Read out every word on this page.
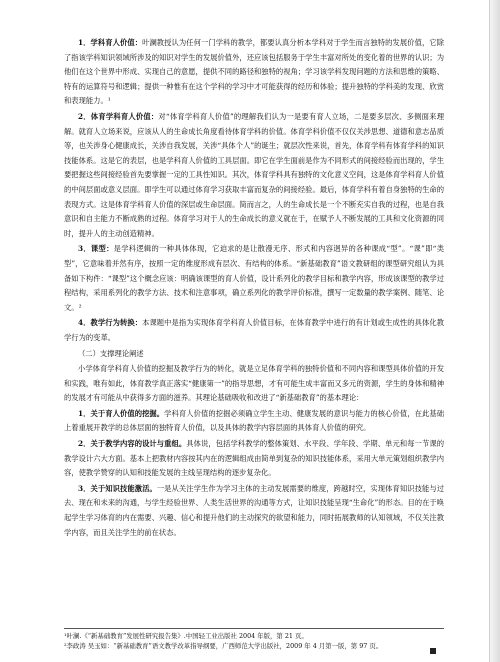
1．学科育人价值：叶澜教授认为任何一门学科的教学，都要认真分析本学科对于学生而言独特的发展价值，它除了指该学科知识领域所涉及的知识对学生的发展价值外，还应该包括服务于学生丰富对所处的变化着的世界的认识；为他们在这个世界中形成、实现自己的意愿，提供不同的路径和独特的视角；学习该学科发现问题的方法和思维的策略、特有的运算符号和逻辑；提供一种惟有在这个学科的学习中才可能获得的经历和体验；提升独特的学科美的发现、欣赏和表现能力。¹

2．体育学科育人价值：对“体育学科育人价值”的理解我们认为一是要有育人立场，二是要多层次、多侧面来理解。就育人立场来说，应该从人的生命成长角度看待体育学科的价值。体育学科价值不仅仅关涉思想、道德和意志品质等，也关涉身心健康成长，关涉自我发展，关涉“具体个人”的诞生；就层次性来说，首先，体育学科有体育学科的知识技能体系。这是它的表层，也是学科育人价值的工具层面。即它在学生面前是作为不同形式的间接经验而出现的，学生要把握这些间接经验首先要掌握一定的工具性知识。其次，体育学科具有独特的文化意义空间，这是体育学科育人价值的中间层面或意义层面。即学生可以通过体育学习获取丰富而复杂的间接经验。最后，体育学科有着自身独特的生命的表现方式。这是体育学科育人价值的深层或生命层面。简而言之，人的生命成长是一个不断充实自我的过程，也是自我意识和自主能力不断成熟的过程。体育学习对于人的生命成长的意义就在于，在赋予人不断发展的工具和文化资源的同时，提升人的主动创造精神。

3．课型：是学科逻辑的一种具体体现，它迫求的是让散漫无序、形式和内容迥异的各种课成“型”。“课”即“类型”，它意味着并然有序，按照一定的维度形成有层次、有结构的体系。“新基础教育”语文教研组的课型研究组认为具备如下构件：“课型”这个概念应该：明确该课型的育人价值，设计系列化的教学目标和教学内容，形成该课型的教学过程结构，采用系列化的教学方法、技术和注意事项，确立系列化的教学评价标准，撰写一定数量的教学案例、随笔、论文。²

4．教学行为转换：本课题中是指为实现体育学科育人价值目标，在体育教学中进行的有计划或生成性的具体化教学行为的变革。

（二）支撑理论阐述

小学体育学科育人价值的挖掘及教学行为的转化，就是立足体育学科的独特价值和不同内容和课型具体价值的开发和实践，唯有如此，体育教学真正落实“健康第一”的指导思想，才有可能生成丰富而又多元的资源，学生的身体和精神的发展才有可能从中获得多方面的滋养。其理论基础吸收和改进了“新基础教育”的基本理论：

1．关于育人价值的挖掘。学科育人价值的挖掘必须确立学生主动、健康发展的意识与能力的核心价值，在此基础上着重展开教学的总体层面的独特育人价值，以及具体的教学内容层面的具体育人价值的研究。

2．关于教学内容的设计与重组。具体说，包括学科教学的整体策划、水平段、学年段、学期、单元和每一节课的教学设计六大方面。基本上把教材内容按其内在的逻辑组成由简单到复杂的知识技能体系，采用大单元策划组织教学内容，使教学赞穿的认知和技能发展的主线呈现结构的逐步复杂化。

3．关于知识技能激活。一是从关注学生作为学习主体的主动发展需要的维度，跨越时空，实现体育知识技能与过去、现在和未来的沟通，与学生经验世界、人类生活世界的沟通等方式，让知识技能呈现“生命化”的形态。目的在于唤起学生学习体育的内在需要、兴趣、信心和提升他们的主动探究的欲望和能力，同时拓展教师的认知领域，不仅关注教学内容，而且关注学生的前在状态。

¹叶澜.《“新基础教育”发展性研究报告集》.中国轻工业出版社 2004 年版，第 21 页。
²李政涛 吴玉如：“新基础教育”语文教学改革指导纲要，广西师范大学出版社，2009 年 4 月第一版，第 97 页。
